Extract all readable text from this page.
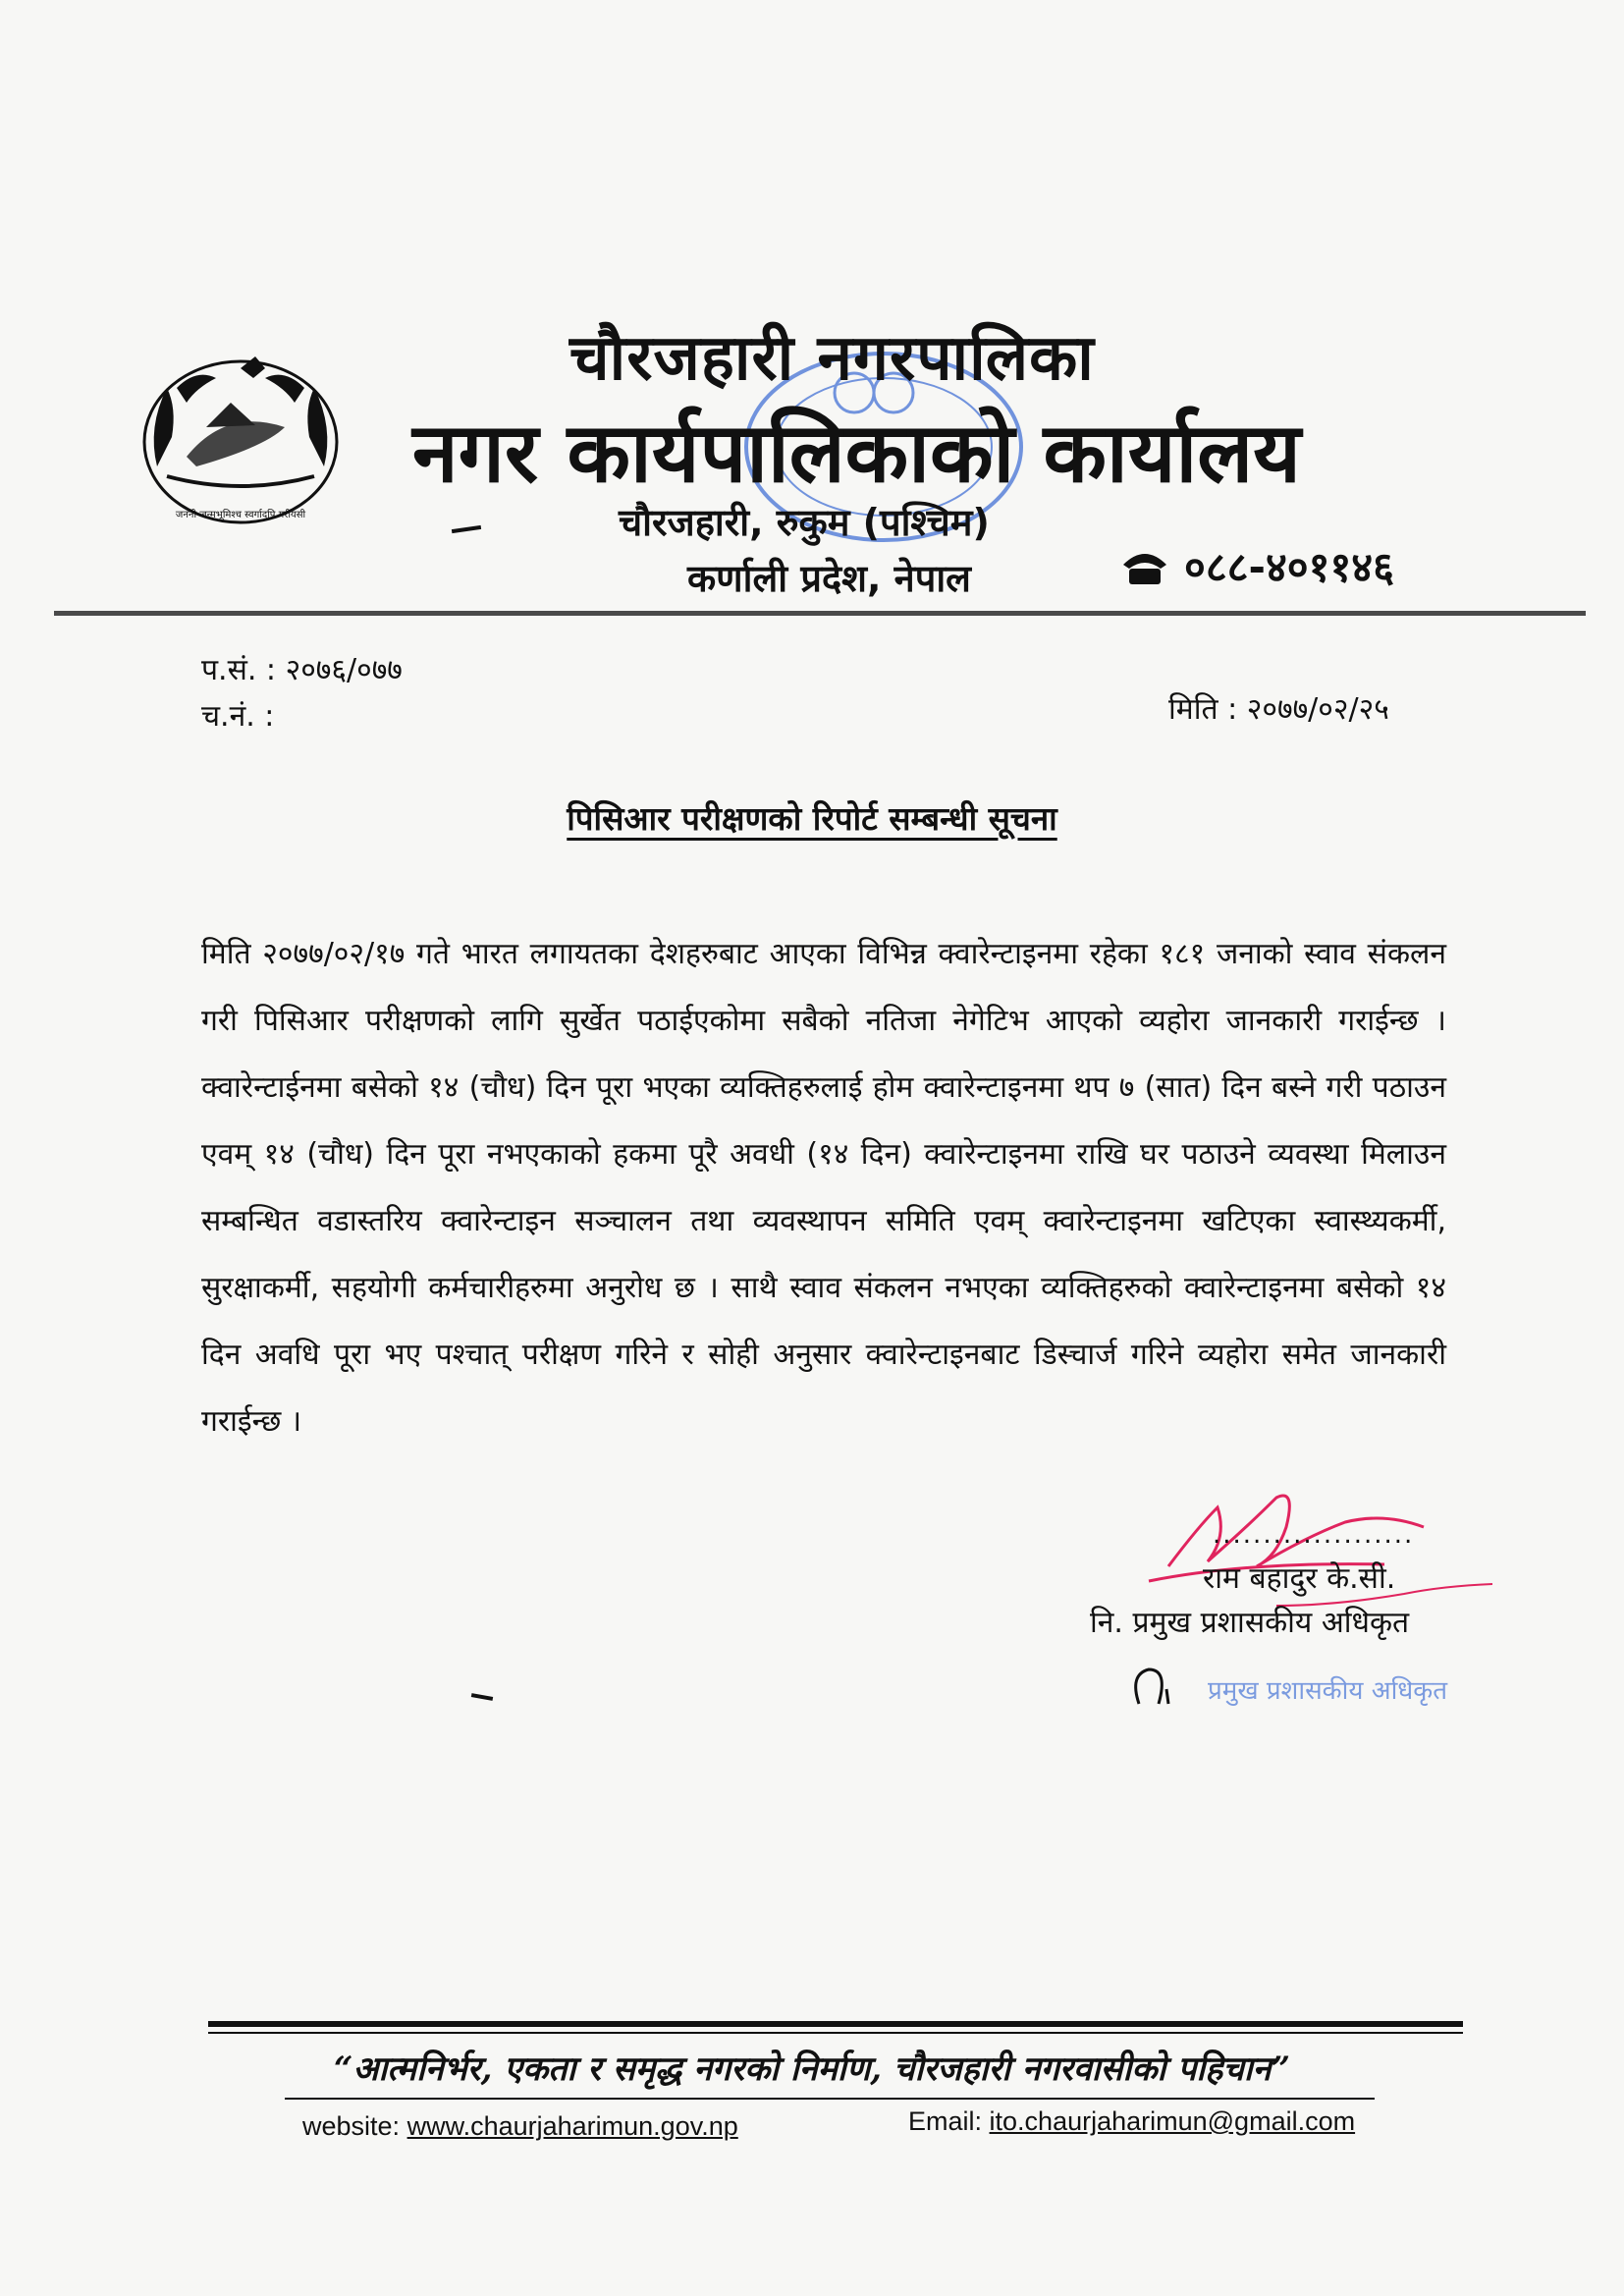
जननी जन्मभूमिश्च स्वर्गादपि गरीयसी
चौरजहारी नगरपालिका
नगर कार्यपालिकाको कार्यालय
चौरजहारी, रुकुम (पश्चिम)
कर्णाली प्रदेश, नेपाल	०८८-४०११४६
प.सं. : २०७६/०७७
च.नं. :	मिति : २०७७/०२/२५
पिसिआर परीक्षणको रिपोर्ट सम्बन्धी सूचना
मिति २०७७/०२/१७ गते भारत लगायतका देशहरुबाट आएका विभिन्न क्वारेन्टाइनमा रहेका १८१ जनाको स्वाव संकलन गरी पिसिआर परीक्षणको लागि सुर्खेत पठाईएकोमा सबैको नतिजा नेगेटिभ आएको व्यहोरा जानकारी गराईन्छ । क्वारेन्टाईनमा बसेको १४ (चौध) दिन पूरा भएका व्यक्तिहरुलाई होम क्वारेन्टाइनमा थप ७ (सात) दिन बस्ने गरी पठाउन एवम् १४ (चौध) दिन पूरा नभएकाको हकमा पूरै अवधी (१४ दिन) क्वारेन्टाइनमा राखि घर पठाउने व्यवस्था मिलाउन सम्बन्धित वडास्तरिय क्वारेन्टाइन सञ्चालन तथा व्यवस्थापन समिति एवम् क्वारेन्टाइनमा खटिएका स्वास्थ्यकर्मी, सुरक्षाकर्मी, सहयोगी कर्मचारीहरुमा अनुरोध छ । साथै स्वाव संकलन नभएका व्यक्तिहरुको क्वारेन्टाइनमा बसेको १४ दिन अवधि पूरा भए पश्चात् परीक्षण गरिने र सोही अनुसार क्वारेन्टाइनबाट डिस्चार्ज गरिने व्यहोरा समेत जानकारी गराईन्छ ।
प्रमुख प्रशासकीय अधिकृत
....................
राम बहादुर के.सी.
नि. प्रमुख प्रशासकीय अधिकृत
“आत्मनिर्भर, एकता र समृद्ध नगरको निर्माण, चौरजहारी नगरवासीको पहिचान”
website: www.chaurjaharimun.gov.np	Email: ito.chaurjaharimun@gmail.com
